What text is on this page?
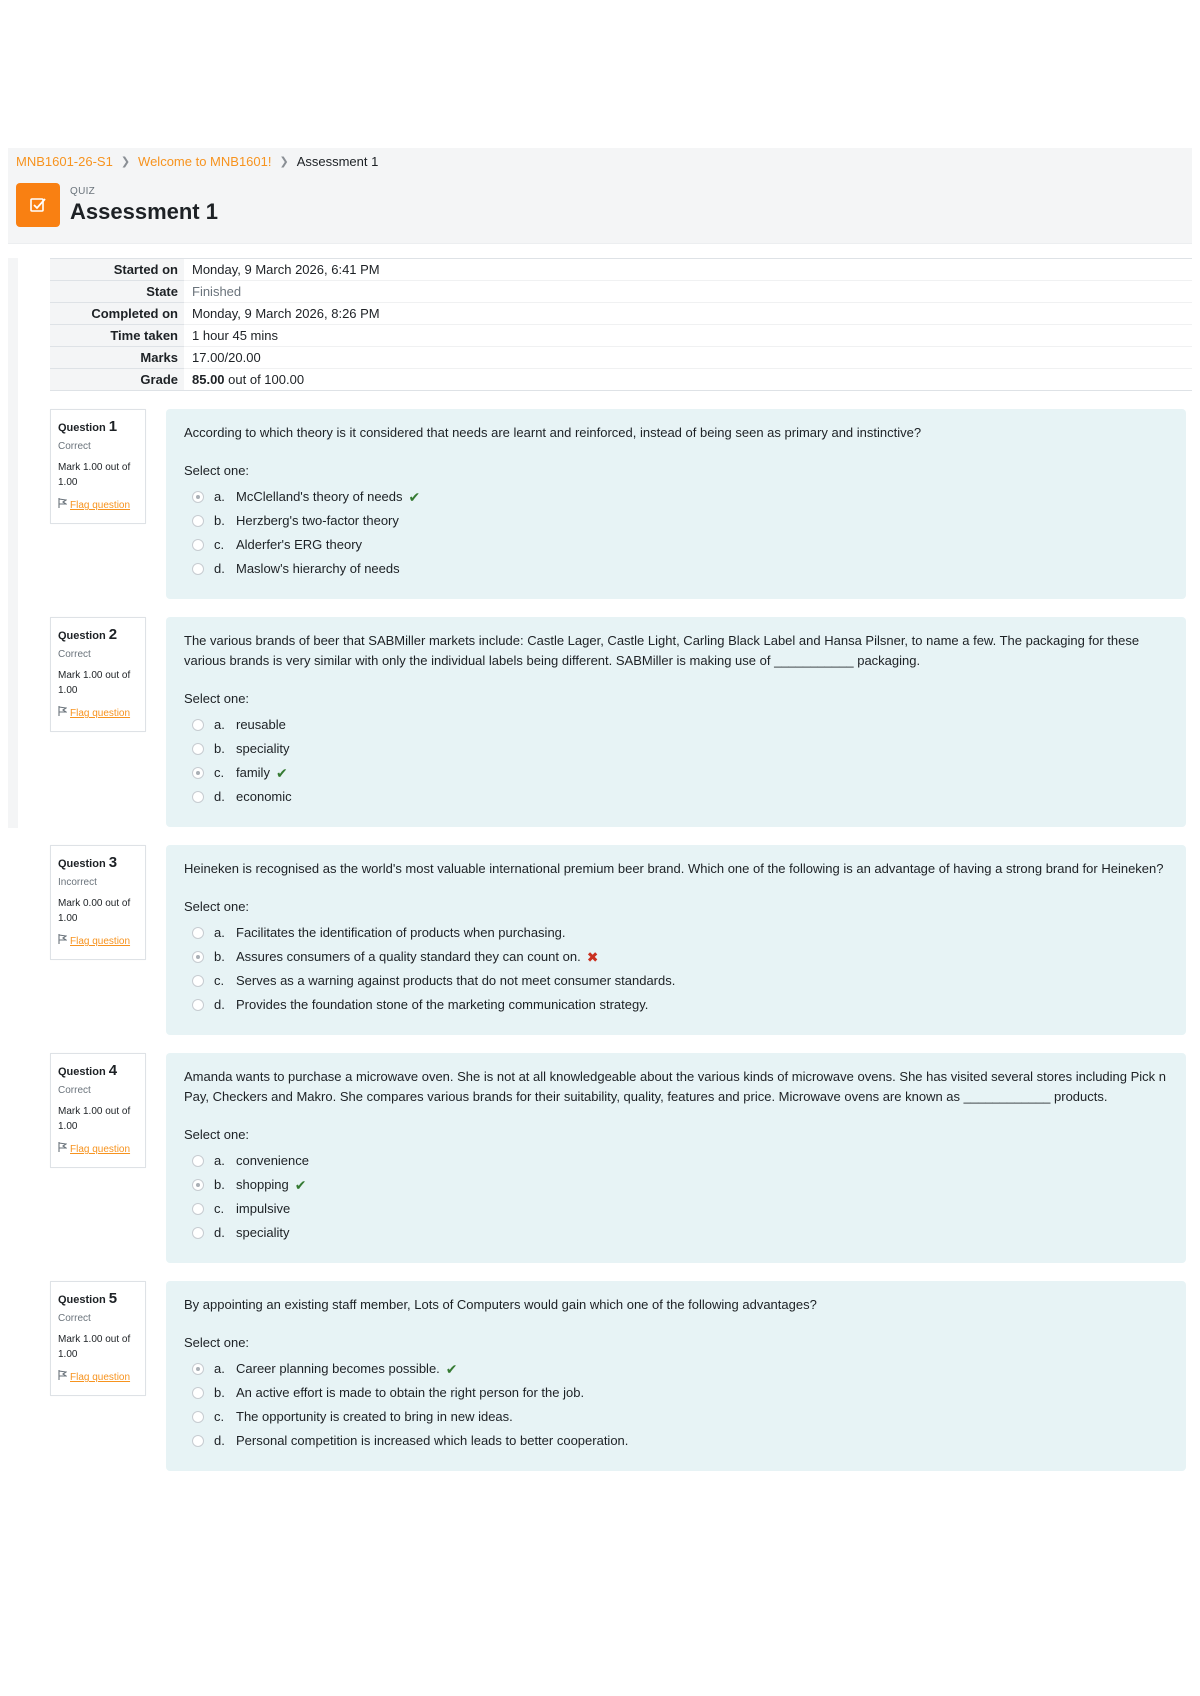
MNB1601-26-S1 ❯ Welcome to MNB1601! ❯ Assessment 1
QUIZ
Assessment 1
Started on	Monday, 9 March 2026, 6:41 PM
State	Finished
Completed on	Monday, 9 March 2026, 8:26 PM
Time taken	1 hour 45 mins
Marks	17.00/20.00
Grade	85.00 out of 100.00
Question 1
Correct
Mark 1.00 out of 1.00
Flag question

According to which theory is it considered that needs are learnt and reinforced, instead of being seen as primary and instinctive?

Select one:
a. McClelland's theory of needs ✔
b. Herzberg's two-factor theory
c. Alderfer's ERG theory
d. Maslow's hierarchy of needs
Question 2
Correct
Mark 1.00 out of 1.00
Flag question

The various brands of beer that SABMiller markets include: Castle Lager, Castle Light, Carling Black Label and Hansa Pilsner, to name a few. The packaging for these various brands is very similar with only the individual labels being different. SABMiller is making use of ___________ packaging.

Select one:
a. reusable
b. speciality
c. family ✔
d. economic
Question 3
Incorrect
Mark 0.00 out of 1.00
Flag question

Heineken is recognised as the world's most valuable international premium beer brand. Which one of the following is an advantage of having a strong brand for Heineken?

Select one:
a. Facilitates the identification of products when purchasing.
b. Assures consumers of a quality standard they can count on. ✖
c. Serves as a warning against products that do not meet consumer standards.
d. Provides the foundation stone of the marketing communication strategy.
Question 4
Correct
Mark 1.00 out of 1.00
Flag question

Amanda wants to purchase a microwave oven. She is not at all knowledgeable about the various kinds of microwave ovens. She has visited several stores including Pick n Pay, Checkers and Makro. She compares various brands for their suitability, quality, features and price. Microwave ovens are known as ____________ products.

Select one:
a. convenience
b. shopping ✔
c. impulsive
d. speciality
Question 5
Correct
Mark 1.00 out of 1.00
Flag question

By appointing an existing staff member, Lots of Computers would gain which one of the following advantages?

Select one:
a. Career planning becomes possible. ✔
b. An active effort is made to obtain the right person for the job.
c. The opportunity is created to bring in new ideas.
d. Personal competition is increased which leads to better cooperation.
